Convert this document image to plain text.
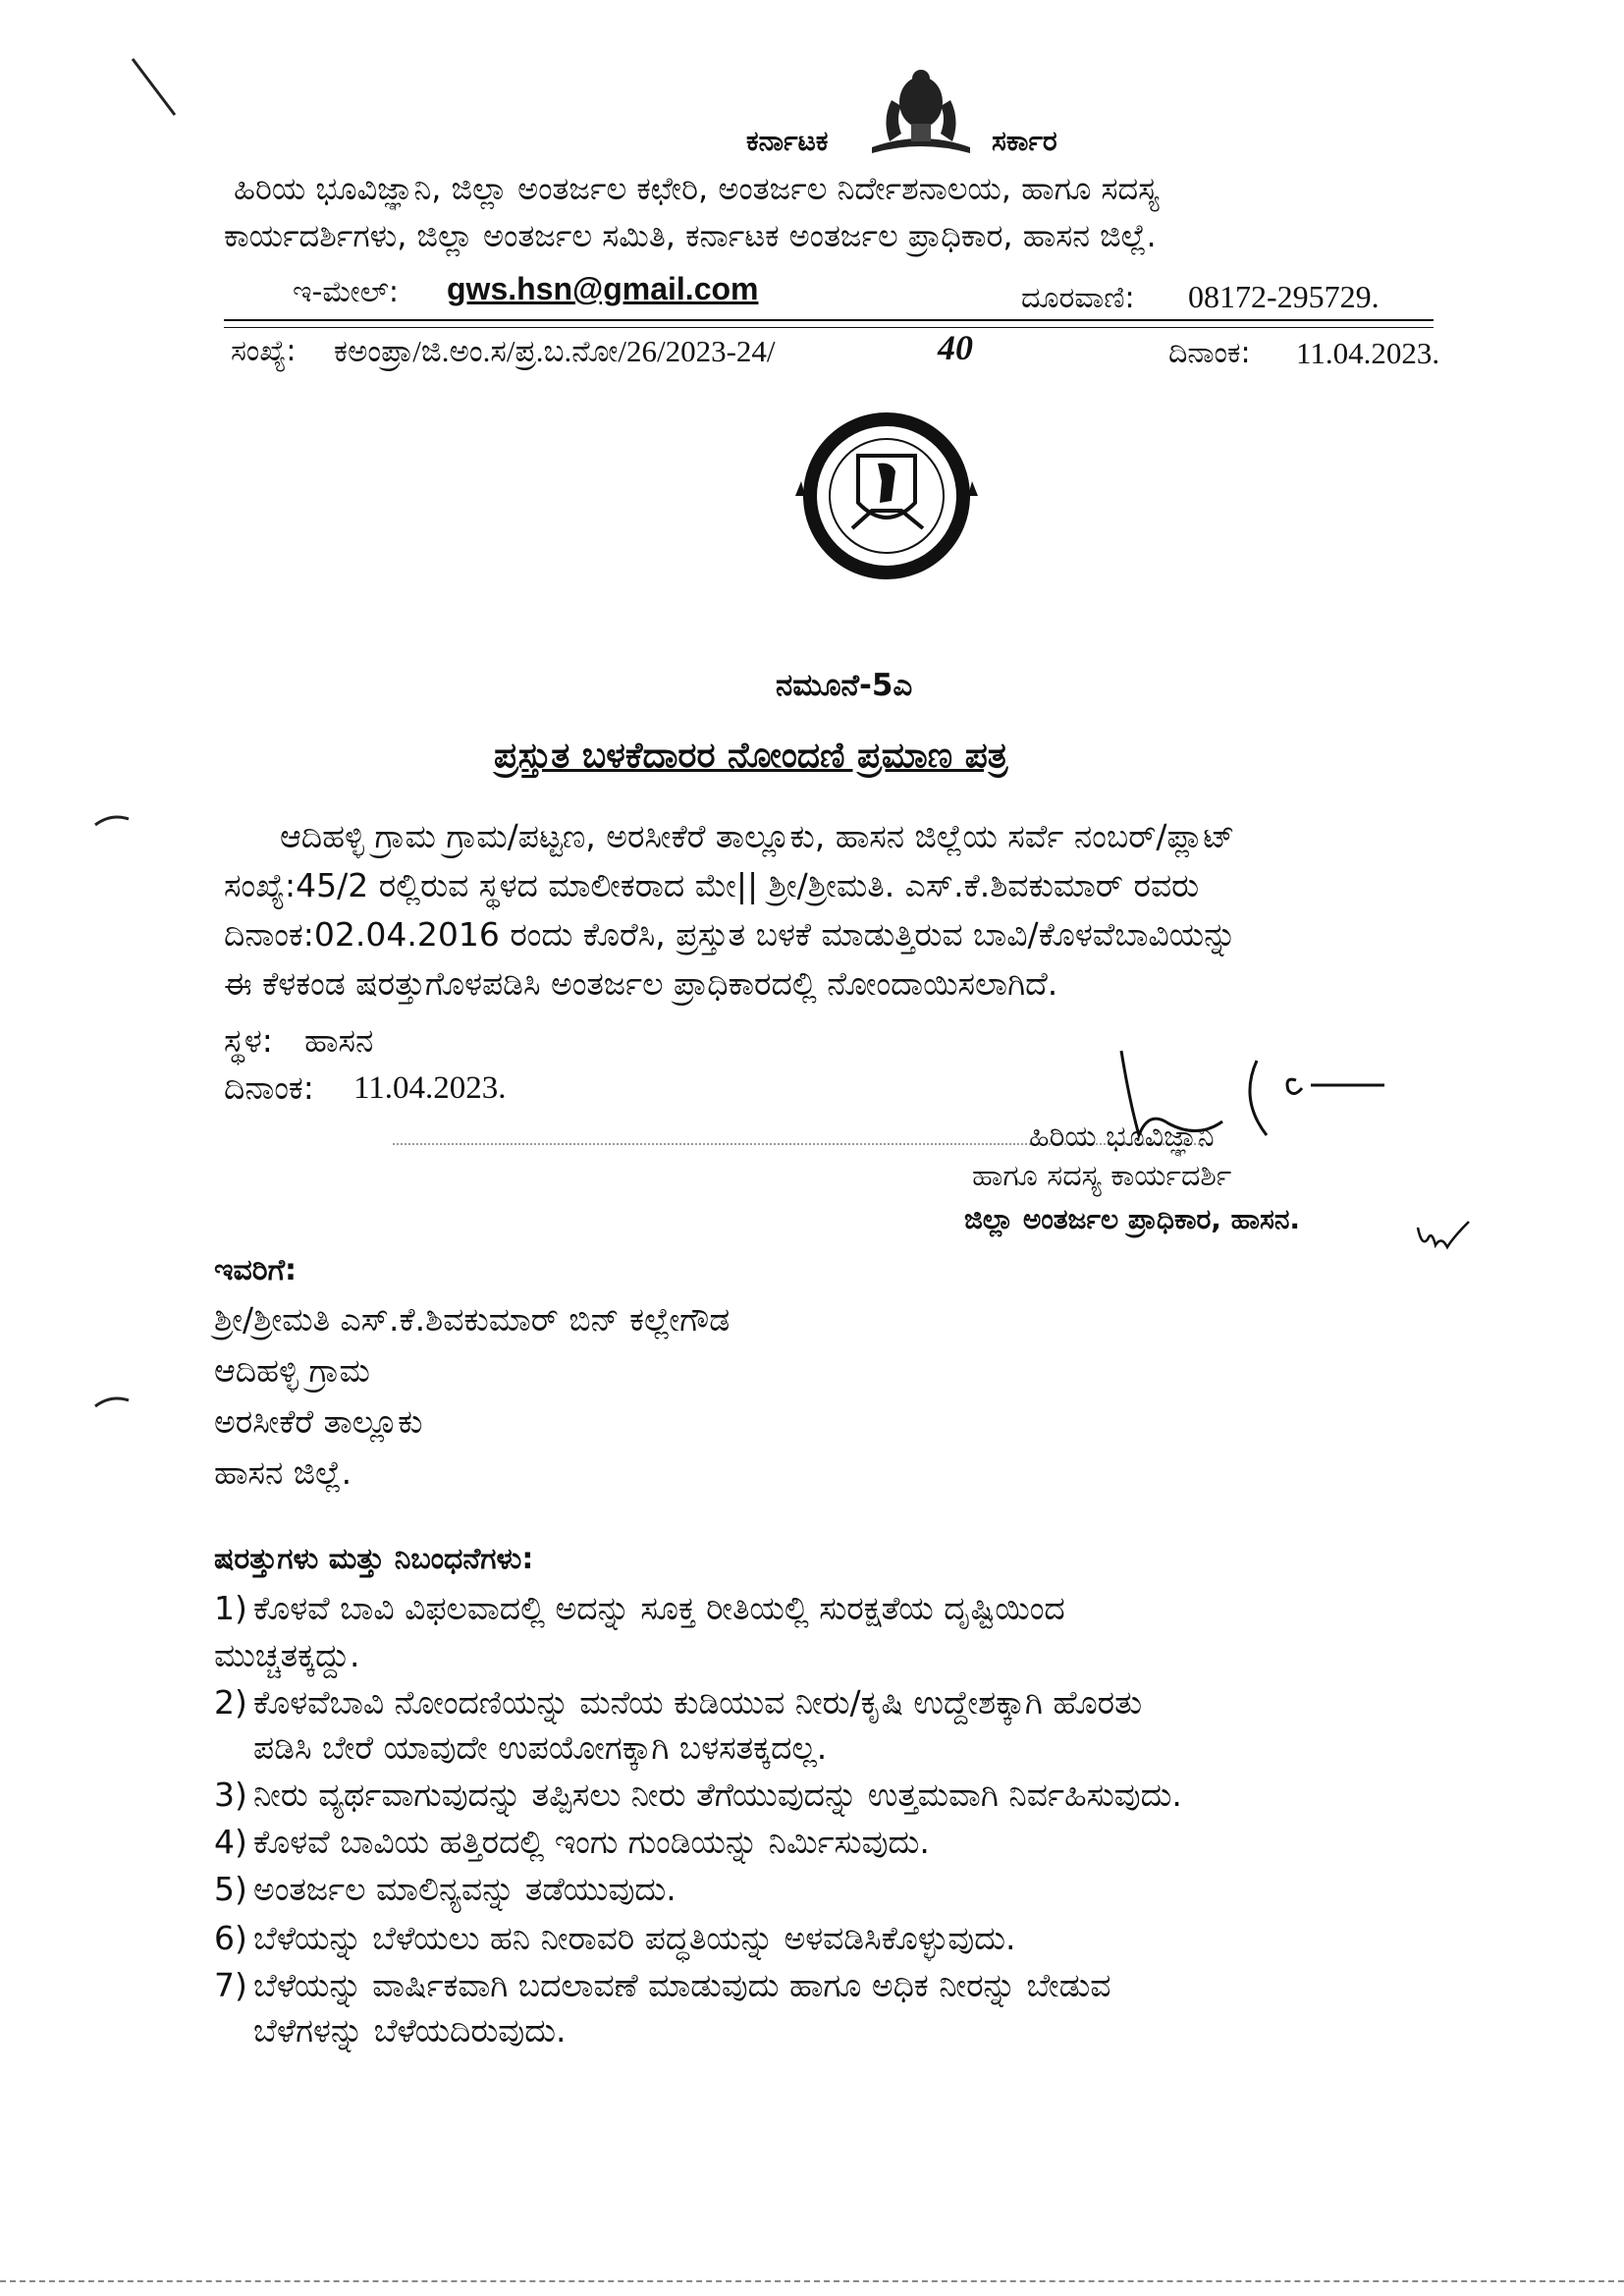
ಕರ್ನಾಟಕ	ಸರ್ಕಾರ
ಹಿರಿಯ ಭೂವಿಜ್ಞಾನಿ, ಜಿಲ್ಲಾ ಅಂತರ್ಜಲ ಕಛೇರಿ, ಅಂತರ್ಜಲ ನಿರ್ದೇಶನಾಲಯ, ಹಾಗೂ ಸದಸ್ಯ
ಕಾರ್ಯದರ್ಶಿಗಳು, ಜಿಲ್ಲಾ ಅಂತರ್ಜಲ ಸಮಿತಿ, ಕರ್ನಾಟಕ ಅಂತರ್ಜಲ ಪ್ರಾಧಿಕಾರ, ಹಾಸನ ಜಿಲ್ಲೆ.
ಇ-ಮೇಲ್: gws.hsn@gmail.com	ದೂರವಾಣಿ: 08172-295729.
ಸಂಖ್ಯೆ: ಕಅಂಪ್ರಾ/ಜಿ.ಅಂ.ಸ/ಪ್ರ.ಬ.ನೋ/26/2023-24/	40	ದಿನಾಂಕ: 11.04.2023.
ನಮೂನೆ-5ಎ
ಪ್ರಸ್ತುತ ಬಳಕೆದಾರರ ನೋಂದಣಿ ಪ್ರಮಾಣ ಪತ್ರ
ಆದಿಹಳ್ಳಿ ಗ್ರಾಮ ಗ್ರಾಮ/ಪಟ್ಟಣ, ಅರಸೀಕೆರೆ ತಾಲ್ಲೂಕು, ಹಾಸನ ಜಿಲ್ಲೆಯ ಸರ್ವೆ ನಂಬರ್/ಪ್ಲಾಟ್
ಸಂಖ್ಯೆ:45/2 ರಲ್ಲಿರುವ ಸ್ಥಳದ ಮಾಲೀಕರಾದ ಮೇ|| ಶ್ರೀ/ಶ್ರೀಮತಿ. ಎಸ್.ಕೆ.ಶಿವಕುಮಾರ್ ರವರು
ದಿನಾಂಕ:02.04.2016 ರಂದು ಕೊರೆಸಿ, ಪ್ರಸ್ತುತ ಬಳಕೆ ಮಾಡುತ್ತಿರುವ ಬಾವಿ/ಕೊಳವೆಬಾವಿಯನ್ನು
ಈ ಕೆಳಕಂಡ ಷರತ್ತುಗೊಳಪಡಿಸಿ ಅಂತರ್ಜಲ ಪ್ರಾಧಿಕಾರದಲ್ಲಿ ನೋಂದಾಯಿಸಲಾಗಿದೆ.
ಸ್ಥಳ: ಹಾಸನ
ದಿನಾಂಕ: 11.04.2023.
ಹಿರಿಯ ಭೂವಿಜ್ಞಾನಿ
ಹಾಗೂ ಸದಸ್ಯ ಕಾರ್ಯದರ್ಶಿ
ಜಿಲ್ಲಾ ಅಂತರ್ಜಲ ಪ್ರಾಧಿಕಾರ, ಹಾಸನ.
ಇವರಿಗೆ:
ಶ್ರೀ/ಶ್ರೀಮತಿ ಎಸ್.ಕೆ.ಶಿವಕುಮಾರ್ ಬಿನ್ ಕಲ್ಲೇಗೌಡ
ಆದಿಹಳ್ಳಿ ಗ್ರಾಮ
ಅರಸೀಕೆರೆ ತಾಲ್ಲೂಕು
ಹಾಸನ ಜಿಲ್ಲೆ.
ಷರತ್ತುಗಳು ಮತ್ತು ನಿಬಂಧನೆಗಳು:
1) ಕೊಳವೆ ಬಾವಿ ವಿಫಲವಾದಲ್ಲಿ ಅದನ್ನು ಸೂಕ್ತ ರೀತಿಯಲ್ಲಿ ಸುರಕ್ಷತೆಯ ದೃಷ್ಟಿಯಿಂದ
ಮುಚ್ಚತಕ್ಕದ್ದು.
2) ಕೊಳವೆಬಾವಿ ನೋಂದಣಿಯನ್ನು ಮನೆಯ ಕುಡಿಯುವ ನೀರು/ಕೃಷಿ ಉದ್ದೇಶಕ್ಕಾಗಿ ಹೊರತು
ಪಡಿಸಿ ಬೇರೆ ಯಾವುದೇ ಉಪಯೋಗಕ್ಕಾಗಿ ಬಳಸತಕ್ಕದಲ್ಲ.
3) ನೀರು ವ್ಯರ್ಥವಾಗುವುದನ್ನು ತಪ್ಪಿಸಲು ನೀರು ತೆಗೆಯುವುದನ್ನು ಉತ್ತಮವಾಗಿ ನಿರ್ವಹಿಸುವುದು.
4) ಕೊಳವೆ ಬಾವಿಯ ಹತ್ತಿರದಲ್ಲಿ ಇಂಗು ಗುಂಡಿಯನ್ನು ನಿರ್ಮಿಸುವುದು.
5) ಅಂತರ್ಜಲ ಮಾಲಿನ್ಯವನ್ನು ತಡೆಯುವುದು.
6) ಬೆಳೆಯನ್ನು ಬೆಳೆಯಲು ಹನಿ ನೀರಾವರಿ ಪದ್ಧತಿಯನ್ನು ಅಳವಡಿಸಿಕೊಳ್ಳುವುದು.
7) ಬೆಳೆಯನ್ನು ವಾರ್ಷಿಕವಾಗಿ ಬದಲಾವಣೆ ಮಾಡುವುದು ಹಾಗೂ ಅಧಿಕ ನೀರನ್ನು ಬೇಡುವ
ಬೆಳೆಗಳನ್ನು ಬೆಳೆಯದಿರುವುದು.
